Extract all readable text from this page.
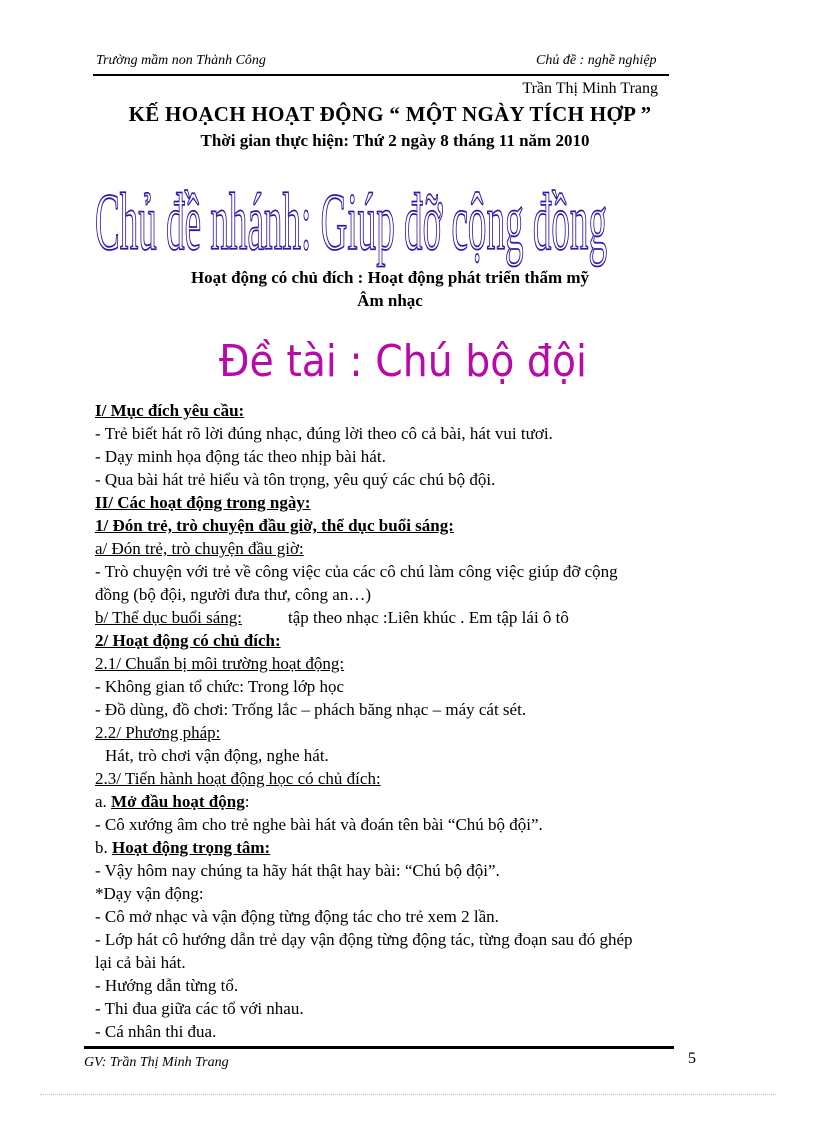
Trường mầm non Thành Công	Chủ đề : nghề nghiệp
Trần Thị Minh Trang
KẾ HOẠCH HOẠT ĐỘNG “ MỘT NGÀY TÍCH HỢP ”
Thời gian thực hiện: Thứ 2 ngày 8 tháng 11 năm 2010
Chủ đề nhánh: Giúp đỡ cộng đồng
Hoạt động có chủ đích : Hoạt động phát triển thẩm mỹ
Âm nhạc
Đề tài : Chú bộ đội
I/ Mục đích yêu cầu:
- Trẻ biết hát rõ lời đúng nhạc, đúng lời theo cô cả bài, hát vui tươi.
- Dạy minh họa động tác theo nhịp bài hát.
- Qua bài hát trẻ hiểu và tôn trọng, yêu quý các chú bộ đội.
II/ Các hoạt động trong ngày:
1/ Đón trẻ, trò chuyện đầu giờ, thể dục buổi sáng:
a/ Đón trẻ, trò chuyện đầu giờ:
- Trò chuyện với trẻ về công việc của các cô chú làm công việc giúp đỡ cộng
đồng (bộ đội, người đưa thư, công an…)
b/ Thể dục buổi sáng:	tập theo nhạc :Liên khúc . Em tập lái ô tô
2/ Hoạt động có chủ đích:
2.1/ Chuẩn bị môi trường hoạt động:
- Không gian tổ chức: Trong lớp học
- Đồ dùng, đồ chơi: Trống lắc – phách băng nhạc – máy cát sét.
2.2/ Phương pháp:
Hát, trò chơi vận động, nghe hát.
2.3/ Tiến hành hoạt động học có chủ đích:
a. Mở đầu hoạt động:
- Cô xướng âm cho trẻ nghe bài hát và đoán tên bài “Chú bộ đội”.
b. Hoạt động trọng tâm:
- Vậy hôm nay chúng ta hãy hát thật hay bài: “Chú bộ đội”.
*Dạy vận động:
- Cô mở nhạc và vận động từng động tác cho trẻ xem 2 lần.
- Lớp hát cô hướng dẫn trẻ dạy vận động từng động tác, từng đoạn sau đó ghép
lại cả bài hát.
- Hướng dẫn từng tổ.
- Thi đua giữa các tổ với nhau.
- Cá nhân thi đua.
GV: Trần Thị Minh Trang	5
